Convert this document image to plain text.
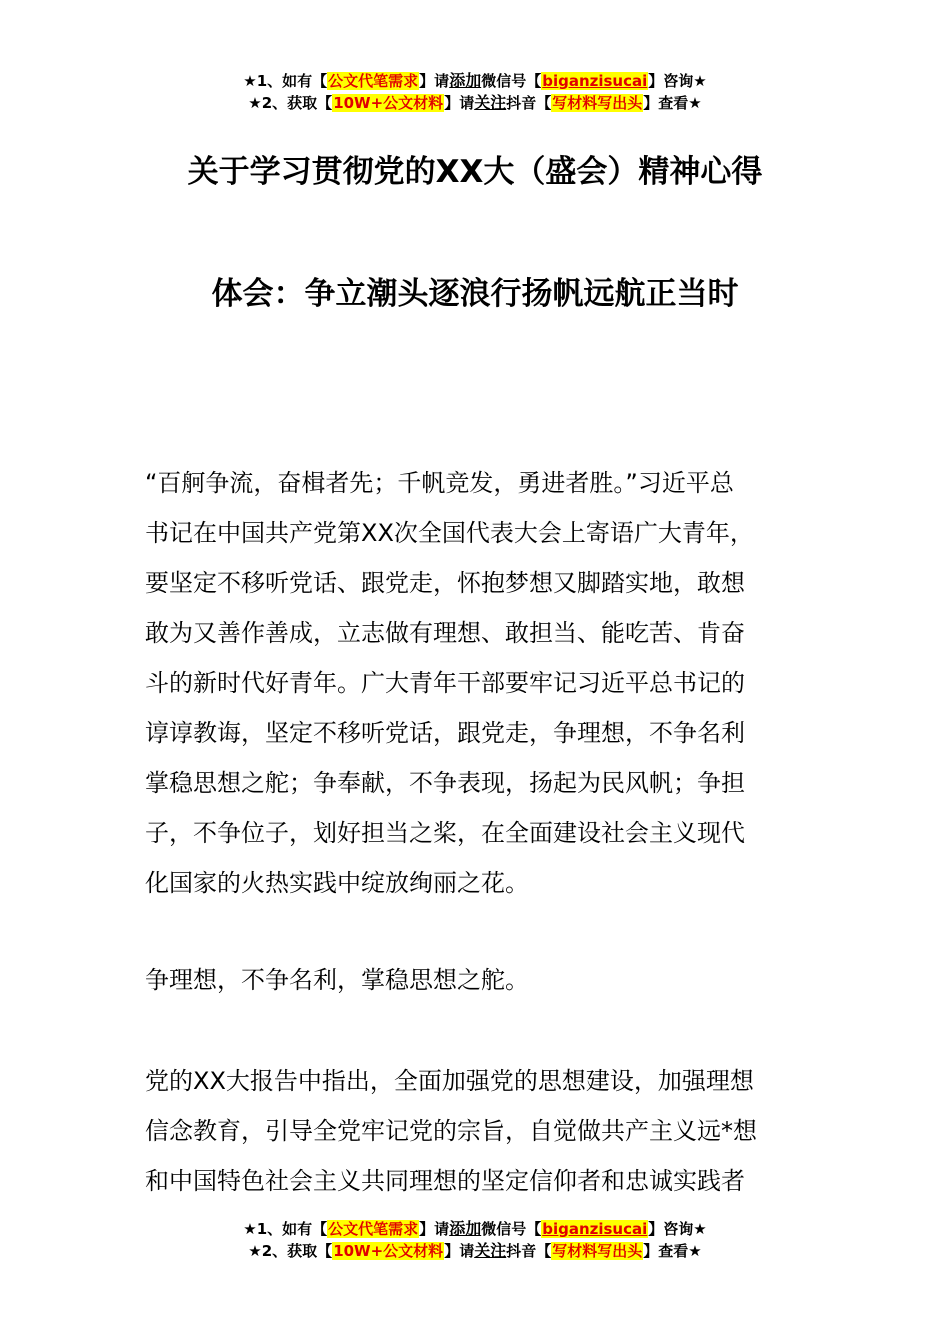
★1、如有【公文代笔需求】请添加微信号【biganzisucai】咨询★
★2、获取【10W+公文材料】请关注抖音【写材料写出头】查看★
关于学习贯彻党的XX大（盛会）精神心得
体会：争立潮头逐浪行扬帆远航正当时
“百舸争流，奋楫者先；千帆竞发，勇进者胜。”习近平总
书记在中国共产党第XX次全国代表大会上寄语广大青年，
要坚定不移听党话、跟党走，怀抱梦想又脚踏实地，敢想
敢为又善作善成，立志做有理想、敢担当、能吃苦、肯奋
斗的新时代好青年。广大青年干部要牢记习近平总书记的
谆谆教诲，坚定不移听党话，跟党走，争理想，不争名利
掌稳思想之舵；争奉献，不争表现，扬起为民风帆；争担
子，不争位子，划好担当之桨，在全面建设社会主义现代
化国家的火热实践中绽放绚丽之花。
争理想，不争名利，掌稳思想之舵。
党的XX大报告中指出，全面加强党的思想建设，加强理想
信念教育，引导全党牢记党的宗旨，自觉做共产主义远*想
和中国特色社会主义共同理想的坚定信仰者和忠诚实践者
★1、如有【公文代笔需求】请添加微信号【biganzisucai】咨询★
★2、获取【10W+公文材料】请关注抖音【写材料写出头】查看★
